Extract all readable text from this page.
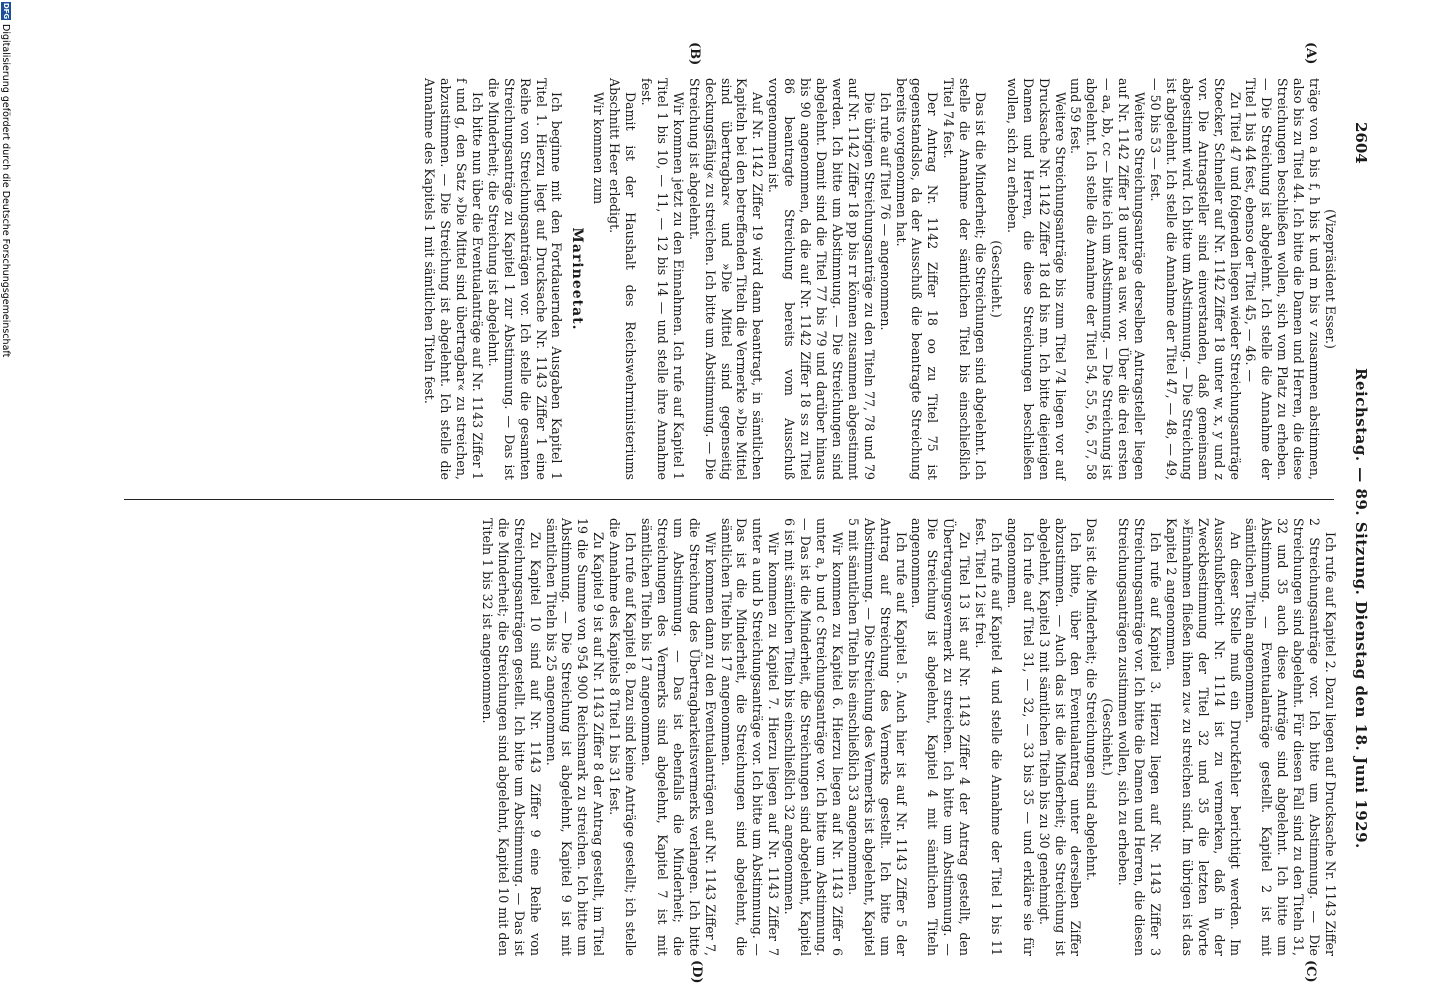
2604
Reichstag. — 89. Sitzung. Dienstag den 18. Juni 1929.
(A)
(B)
(C)
(D)

(Vizepräsident Esser.)

träge von a bis f, h bis k und m bis v zusammen abstimmen, also bis zu Titel 44. Ich bitte die Damen und Herren, die diese Streichungen beschließen wollen, sich vom Platz zu erheben. — Die Streichung ist abgelehnt. Ich stelle die Annahme der Titel 1 bis 44 fest, ebenso der Titel 45, — 46. —

Zu Titel 47 und folgenden liegen wieder Streichungsanträge Stoecker, Schneller auf Nr. 1142 Ziffer 18 unter w, x, y und z vor. Die Antragsteller sind einverstanden, daß gemeinsam abgestimmt wird. Ich bitte um Abstimmung. — Die Streichung ist abgelehnt. Ich stelle die Annahme der Titel 47, — 48, — 49, — 50 bis 53 — fest.

Weitere Streichungsanträge derselben Antragsteller liegen auf Nr. 1142 Ziffer 18 unter aa usw. vor. Über die drei ersten — aa, bb, cc — bitte ich um Abstimmung. — Die Streichung ist abgelehnt. Ich stelle die Annahme der Titel 54, 55, 56, 57, 58 und 59 fest.

Weitere Streichungsanträge bis zum Titel 74 liegen vor auf Drucksache Nr. 1142 Ziffer 18 dd bis nn. Ich bitte diejenigen Damen und Herren, die diese Streichungen beschließen wollen, sich zu erheben.

(Geschieht.)

Das ist die Minderheit; die Streichungen sind abgelehnt. Ich stelle die Annahme der sämtlichen Titel bis einschließlich Titel 74 fest.

Der Antrag Nr. 1142 Ziffer 18 oo zu Titel 75 ist gegenstandslos, da der Ausschuß die beantragte Streichung bereits vorgenommen hat.

Ich rufe auf Titel 76 — angenommen.

Die übrigen Streichungsanträge zu den Titeln 77, 78 und 79 auf Nr. 1142 Ziffer 18 pp bis rr können zusammen abgestimmt werden. Ich bitte um Abstimmung. — Die Streichungen sind abgelehnt. Damit sind die Titel 77 bis 79 und darüber hinaus bis 90 angenommen, da die auf Nr. 1142 Ziffer 18 ss zu Titel 86 beantragte Streichung bereits vom Ausschuß vorgenommen ist.

Auf Nr. 1142 Ziffer 19 wird dann beantragt, in sämtlichen Kapiteln bei den betreffenden Titeln die Vermerke »Die Mittel sind übertragbar« und »Die Mittel sind gegenseitig deckungsfähig« zu streichen. Ich bitte um Abstimmung. — Die Streichung ist abgelehnt.

Wir kommen jetzt zu den Einnahmen. Ich rufe auf Kapitel 1 Titel 1 bis 10, — 11, — 12 bis 14 — und stelle ihre Annahme fest.

Damit ist der Haushalt des Reichswehrministeriums Abschnitt Heer erledigt.

Wir kommen zum

Marineetat.

Ich beginne mit den Fortdauernden Ausgaben Kapitel 1 Titel 1. Hierzu liegt auf Drucksache Nr. 1143 Ziffer 1 eine Reihe von Streichungsanträgen vor. Ich stelle die gesamten Streichungsanträge zu Kapitel 1 zur Abstimmung. — Das ist die Minderheit; die Streichung ist abgelehnt.

Ich bitte nun über die Eventualanträge auf Nr. 1143 Ziffer 1 f und g, den Satz »Die Mittel sind übertragbar« zu streichen, abzustimmen. — Die Streichung ist abgelehnt. Ich stelle die Annahme des Kapitels 1 mit sämtlichen Titeln fest.

Ich rufe auf Kapitel 2. Dazu liegen auf Drucksache Nr. 1143 Ziffer 2 Streichungsanträge vor. Ich bitte um Abstimmung. — Die Streichungen sind abgelehnt. Für diesen Fall sind zu den Titeln 31, 32 und 35 auch diese Anträge sind abgelehnt. Ich bitte um Abstimmung. — Eventualanträge gestellt. Kapitel 2 ist mit sämtlichen Titeln angenommen.

An dieser Stelle muß ein Druckfehler berichtigt werden. Im Ausschußbericht Nr. 1114 ist zu vermerken, daß in der Zweckbestimmung der Titel 32 und 35 die letzten Worte »Einnahmen fließen ihnen zu« zu streichen sind. Im übrigen ist das Kapitel 2 angenommen.

Ich rufe auf Kapitel 3. Hierzu liegen auf Nr. 1143 Ziffer 3 Streichungsanträge vor. Ich bitte die Damen und Herren, die diesen Streichungsanträgen zustimmen wollen, sich zu erheben.

(Geschieht.)

Das ist die Minderheit; die Streichungen sind abgelehnt.

Ich bitte, über den Eventualantrag unter derselben Ziffer abzustimmen. — Auch das ist die Minderheit; die Streichung ist abgelehnt, Kapitel 3 mit sämtlichen Titeln bis zu 30 genehmigt.

Ich rufe auf Titel 31, — 32, — 33 bis 35 — und erkläre sie für angenommen.

Ich rufe auf Kapitel 4 und stelle die Annahme der Titel 1 bis 11 fest. Titel 12 ist frei.

Zu Titel 13 ist auf Nr. 1143 Ziffer 4 der Antrag gestellt, den Übertragungsvermerk zu streichen. Ich bitte um Abstimmung. — Die Streichung ist abgelehnt, Kapitel 4 mit sämtlichen Titeln angenommen.

Ich rufe auf Kapitel 5. Auch hier ist auf Nr. 1143 Ziffer 5 der Antrag auf Streichung des Vermerks gestellt. Ich bitte um Abstimmung. — Die Streichung des Vermerks ist abgelehnt, Kapitel 5 mit sämtlichen Titeln bis einschließlich 33 angenommen.

Wir kommen zu Kapitel 6. Hierzu liegen auf Nr. 1143 Ziffer 6 unter a, b und c Streichungsanträge vor. Ich bitte um Abstimmung. — Das ist die Minderheit, die Streichungen sind abgelehnt, Kapitel 6 ist mit sämtlichen Titeln bis einschließlich 32 angenommen.

Wir kommen zu Kapitel 7. Hierzu liegen auf Nr. 1143 Ziffer 7 unter a und b Streichungsanträge vor. Ich bitte um Abstimmung. — Das ist die Minderheit, die Streichungen sind abgelehnt, die sämtlichen Titeln bis 17 angenommen.

Wir kommen dann zu den Eventualanträgen auf Nr. 1143 Ziffer 7, die Streichung des Übertragbarkeitsvermerks verlangen. Ich bitte um Abstimmung. — Das ist ebenfalls die Minderheit; die Streichungen des Vermerks sind abgelehnt, Kapitel 7 ist mit sämtlichen Titeln bis 17 angenommen.

Ich rufe auf Kapitel 8. Dazu sind keine Anträge gestellt; ich stelle die Annahme des Kapitels 8 Titel 1 bis 31 fest.

Zu Kapitel 9 ist auf Nr. 1143 Ziffer 8 der Antrag gestellt, im Titel 19 die Summe von 954 900 Reichsmark zu streichen. Ich bitte um Abstimmung. — Die Streichung ist abgelehnt, Kapitel 9 ist mit sämtlichen Titeln bis 25 angenommen.

Zu Kapitel 10 sind auf Nr. 1143 Ziffer 9 eine Reihe von Streichungsanträgen gestellt. Ich bitte um Abstimmung. — Das ist die Minderheit; die Streichungen sind abgelehnt, Kapitel 10 mit den Titeln 1 bis 32 ist angenommen.

DFG
Digitalisierung gefördert durch die Deutsche Forschungsgemeinschaft
